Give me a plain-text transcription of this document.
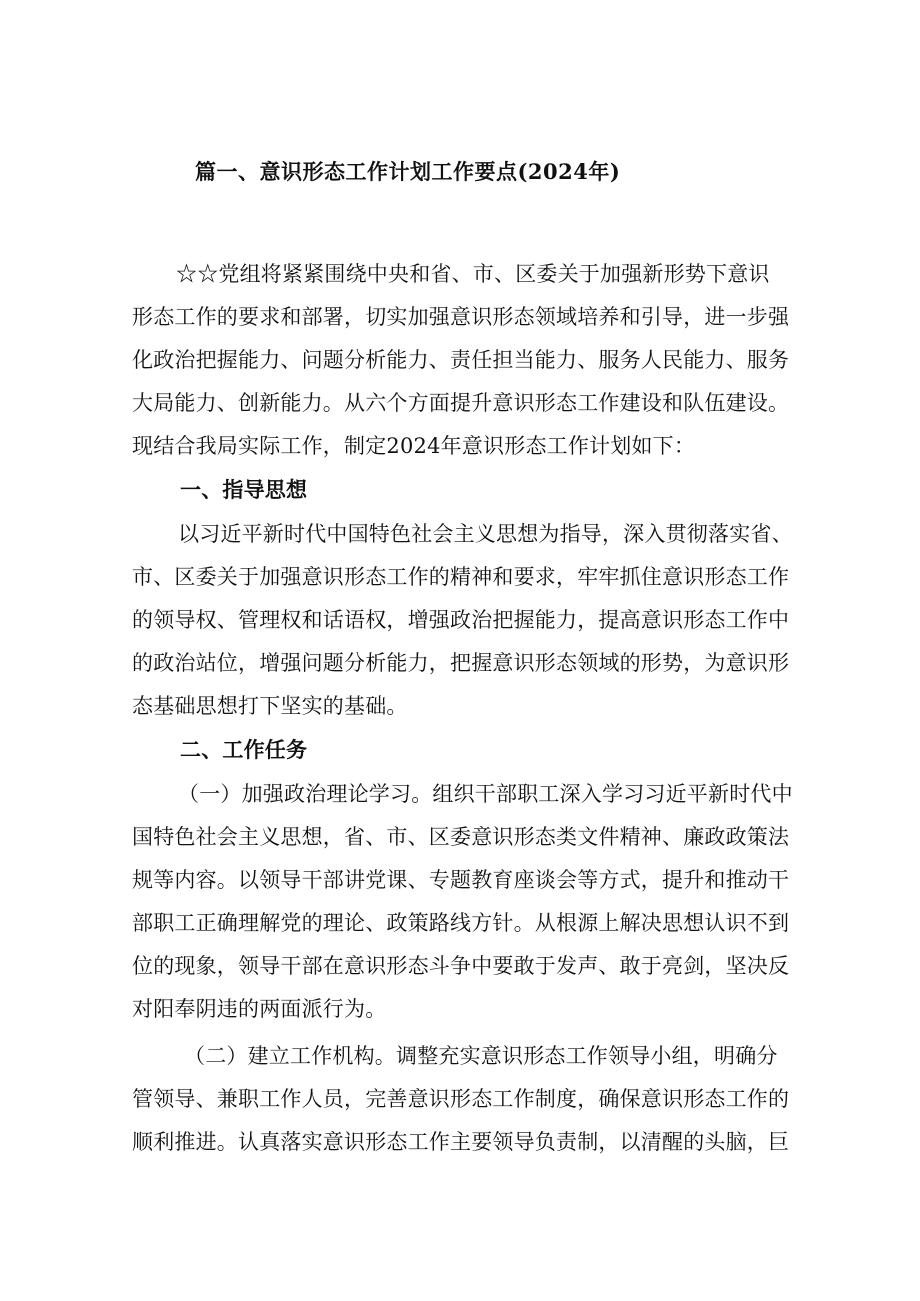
篇一、意识形态工作计划工作要点(2024年)
☆☆党组将紧紧围绕中央和省、市、区委关于加强新形势下意识
形态工作的要求和部署，切实加强意识形态领域培养和引导，进一步强
化政治把握能力、问题分析能力、责任担当能力、服务人民能力、服务
大局能力、创新能力。从六个方面提升意识形态工作建设和队伍建设。
现结合我局实际工作，制定2024年意识形态工作计划如下：
一、指导思想
以习近平新时代中国特色社会主义思想为指导，深入贯彻落实省、
市、区委关于加强意识形态工作的精神和要求，牢牢抓住意识形态工作
的领导权、管理权和话语权，增强政治把握能力，提高意识形态工作中
的政治站位，增强问题分析能力，把握意识形态领域的形势，为意识形
态基础思想打下坚实的基础。
二、工作任务
（一）加强政治理论学习。组织干部职工深入学习习近平新时代中
国特色社会主义思想，省、市、区委意识形态类文件精神、廉政政策法
规等内容。以领导干部讲党课、专题教育座谈会等方式，提升和推动干
部职工正确理解党的理论、政策路线方针。从根源上解决思想认识不到
位的现象，领导干部在意识形态斗争中要敢于发声、敢于亮剑，坚决反
对阳奉阴违的两面派行为。
（二）建立工作机构。调整充实意识形态工作领导小组，明确分
管领导、兼职工作人员，完善意识形态工作制度，确保意识形态工作的
顺利推进。认真落实意识形态工作主要领导负责制，以清醒的头脑，巨
